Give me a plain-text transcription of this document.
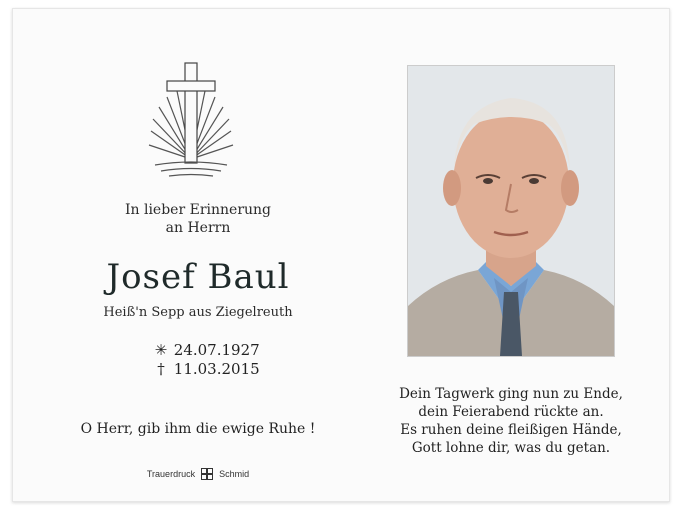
In lieber Erinnerung
an Herrn
Josef Baul
Heiß'n Sepp aus Ziegelreuth
✳ 24.07.1927
† 11.03.2015
O Herr, gib ihm die ewige Ruhe !
Trauerdruck	Schmid
Dein Tagwerk ging nun zu Ende,
dein Feierabend rückte an.
Es ruhen deine fleißigen Hände,
Gott lohne dir, was du getan.
